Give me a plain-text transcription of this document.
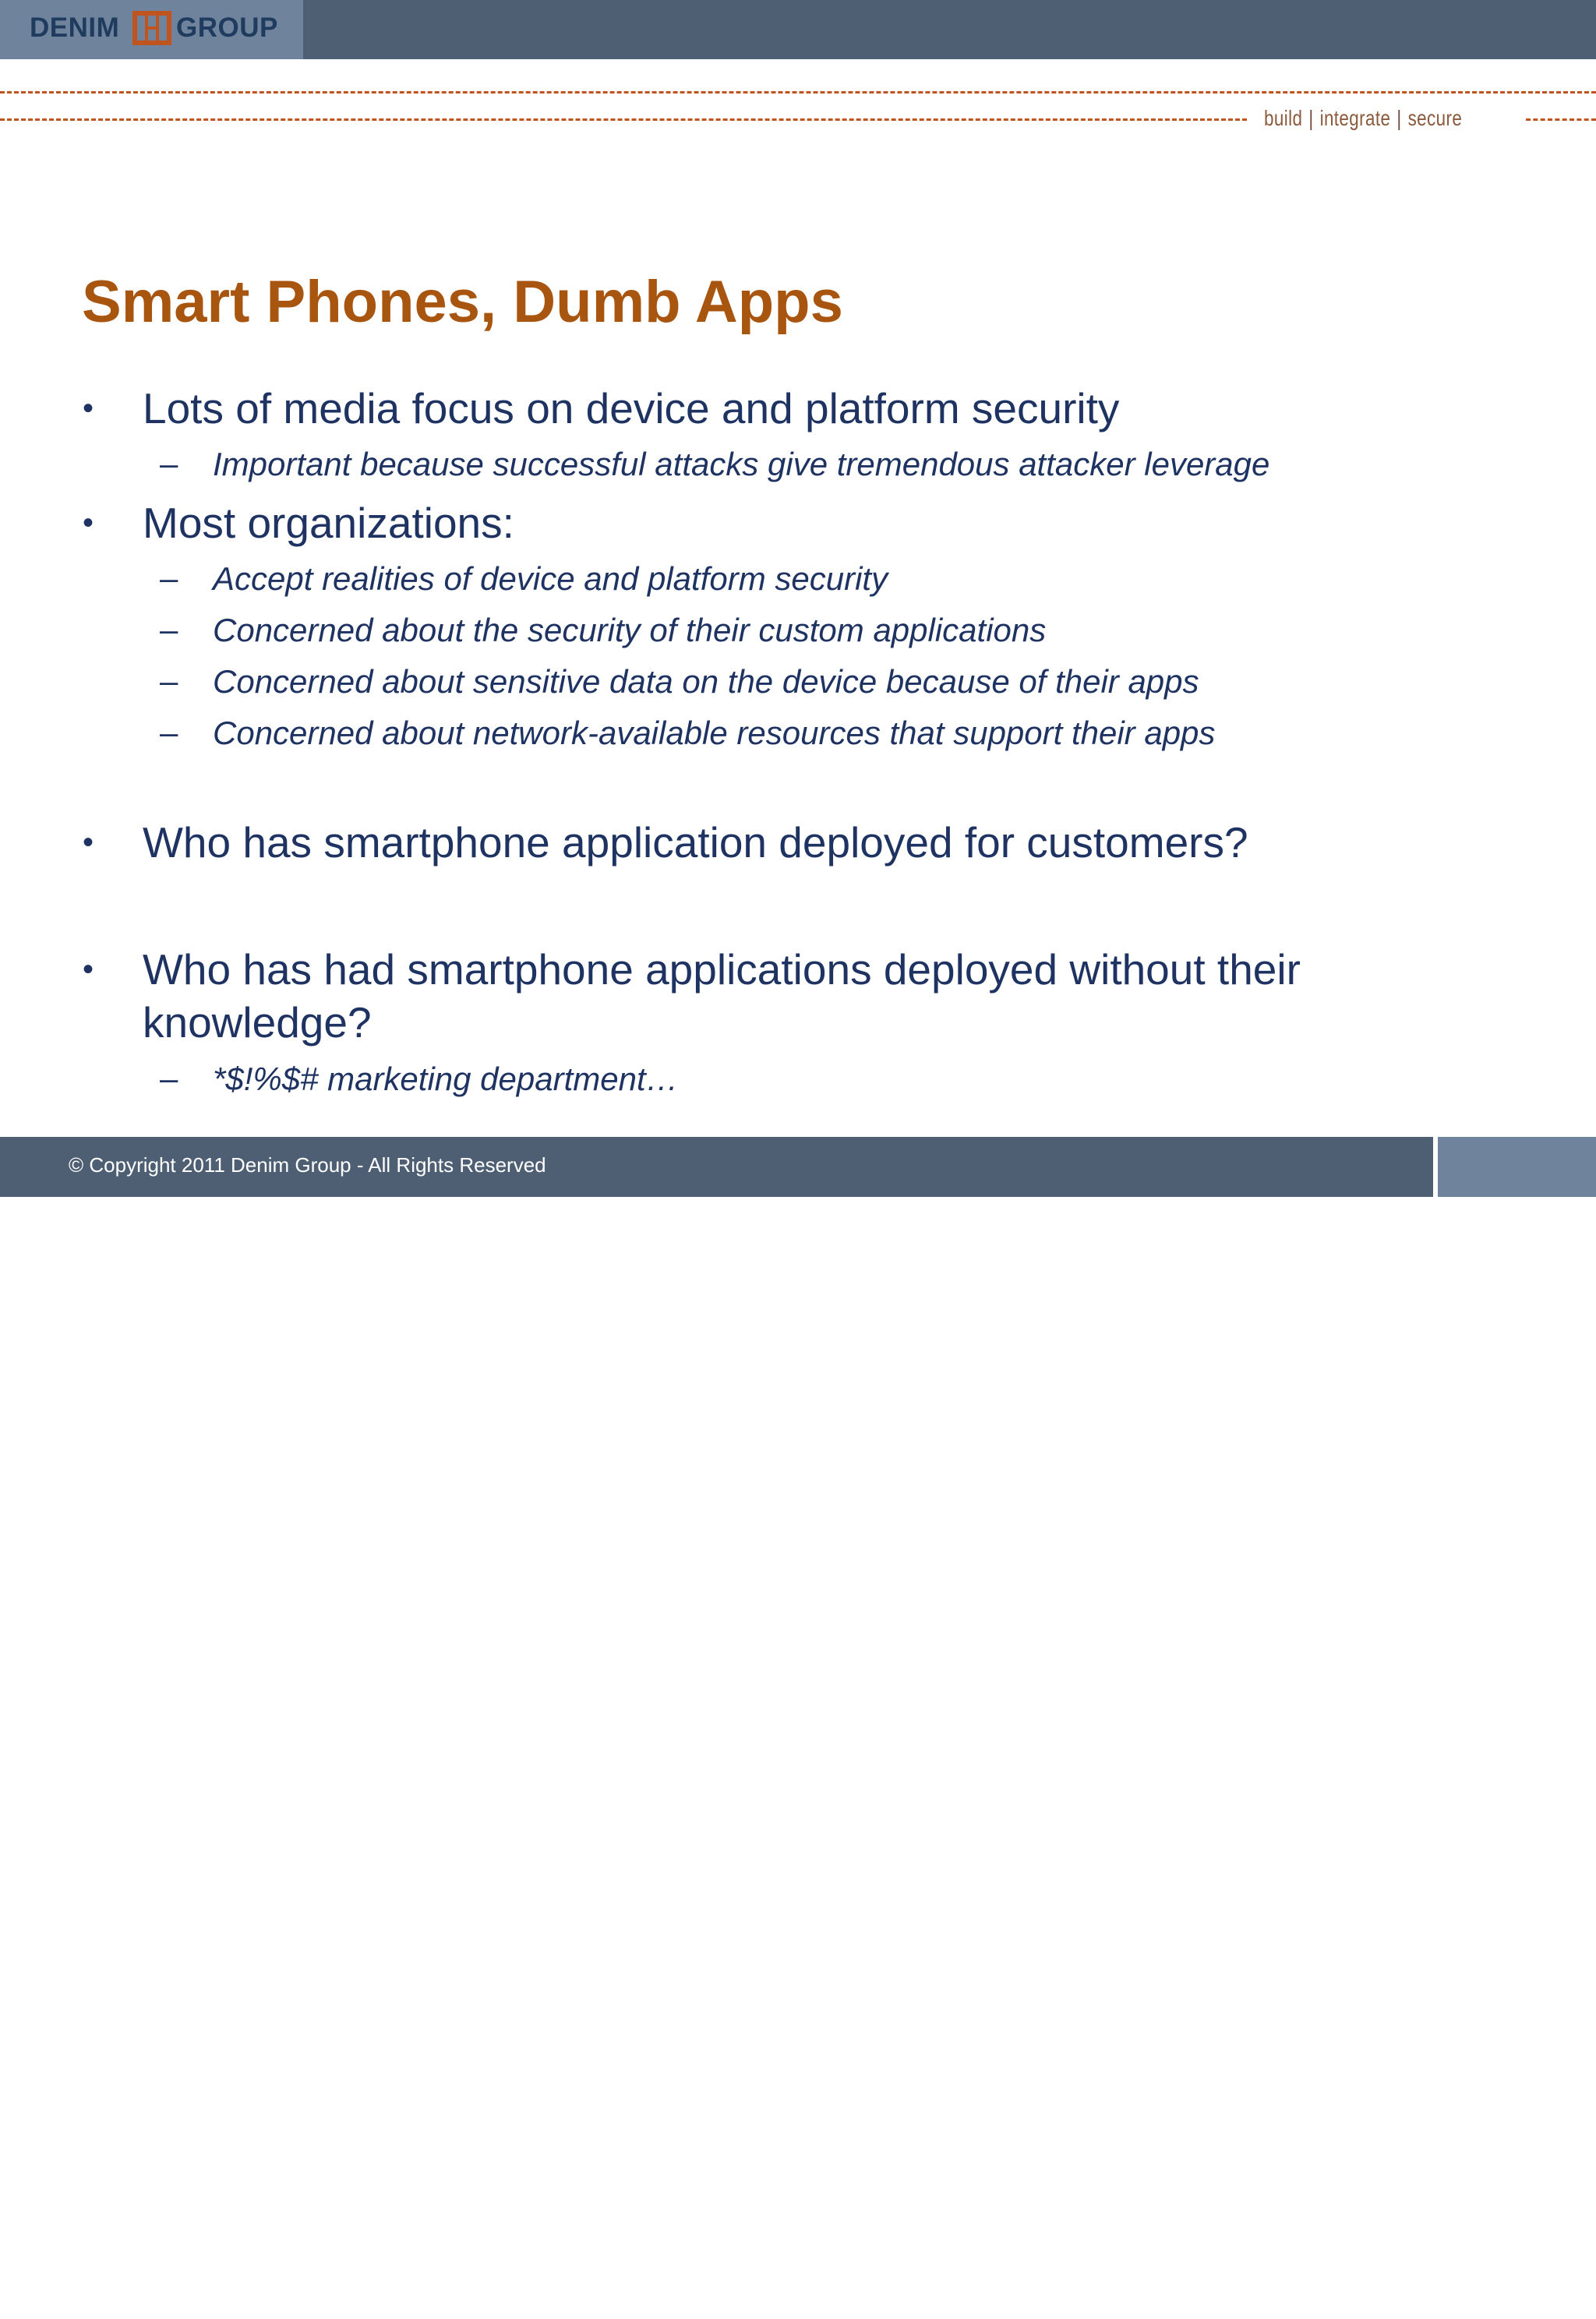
DENIM GROUP
build | integrate | secure
Smart Phones, Dumb Apps
• Lots of media focus on device and platform security
– Important because successful attacks give tremendous attacker leverage
• Most organizations:
– Accept realities of device and platform security
– Concerned about the security of their custom applications
– Concerned about sensitive data on the device because of their apps
– Concerned about network-available resources that support their apps
• Who has smartphone application deployed for customers?
• Who has had smartphone applications deployed without their
knowledge?
– *$!%$# marketing department…
4
© Copyright 2011 Denim Group - All Rights Reserved
